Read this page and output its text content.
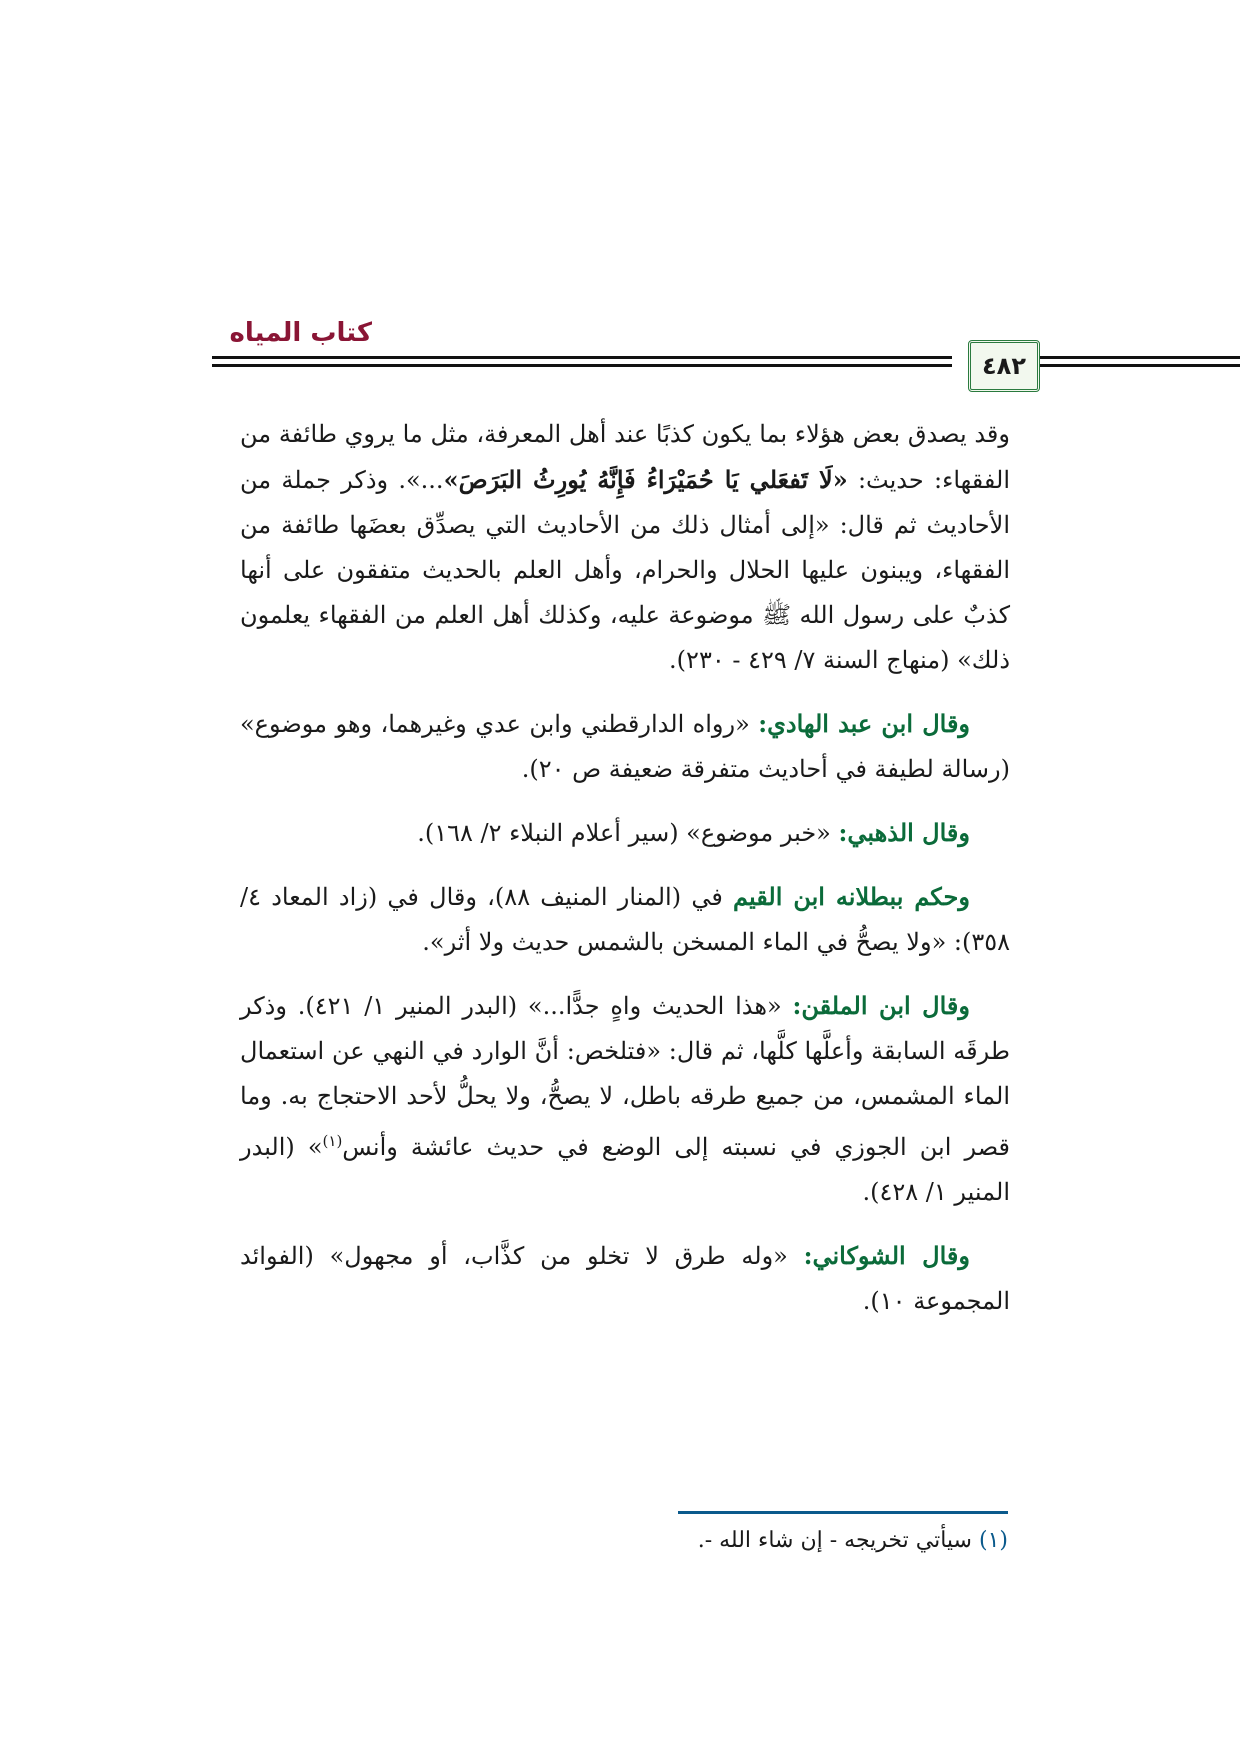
كتاب المياه
٤٨٢

وقد يصدق بعض هؤلاء بما يكون كذبًا عند أهل المعرفة، مثل ما يروي طائفة من الفقهاء: حديث: «لَا تَفعَلي يَا حُمَيْرَاءُ فَإِنَّهُ يُورِثُ البَرَصَ»...». وذكر جملة من الأحاديث ثم قال: «إلى أمثال ذلك من الأحاديث التي يصدِّق بعضَها طائفة من الفقهاء، ويبنون عليها الحلال والحرام، وأهل العلم بالحديث متفقون على أنها كذبٌ على رسول الله ﷺ موضوعة عليه، وكذلك أهل العلم من الفقهاء يعلمون ذلك» (منهاج السنة ٧/ ٤٢٩ - ٢٣٠).

وقال ابن عبد الهادي: «رواه الدارقطني وابن عدي وغيرهما، وهو موضوع» (رسالة لطيفة في أحاديث متفرقة ضعيفة ص ٢٠).

وقال الذهبي: «خبر موضوع» (سير أعلام النبلاء ٢/ ١٦٨).

وحكم ببطلانه ابن القيم في (المنار المنيف ٨٨)، وقال في (زاد المعاد ٤/ ٣٥٨): «ولا يصحُّ في الماء المسخن بالشمس حديث ولا أثر».

وقال ابن الملقن: «هذا الحديث واهٍ جدًّا...» (البدر المنير ١/ ٤٢١). وذكر طرقَه السابقة وأعلَّها كلَّها، ثم قال: «فتلخص: أنَّ الوارد في النهي عن استعمال الماء المشمس، من جميع طرقه باطل، لا يصحُّ، ولا يحلُّ لأحد الاحتجاج به. وما قصر ابن الجوزي في نسبته إلى الوضع في حديث عائشة وأنس$^{(١)}$» (البدر المنير ١/ ٤٢٨).

وقال الشوكاني: «وله طرق لا تخلو من كذَّاب، أو مجهول» (الفوائد المجموعة ١٠).

(١) سيأتي تخريجه - إن شاء الله -.
